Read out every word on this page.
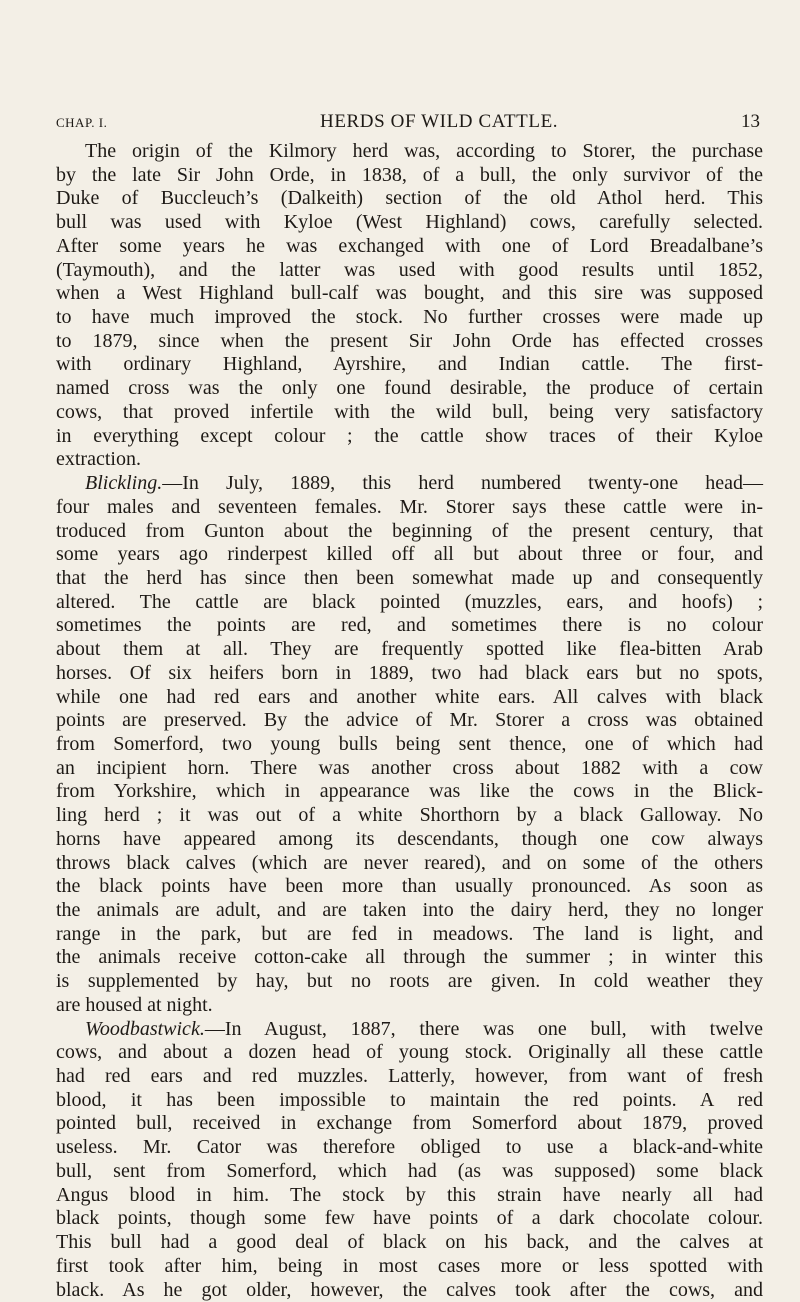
CHAP. I.	HERDS OF WILD CATTLE.	13
The origin of the Kilmory herd was, according to Storer, the purchase
by the late Sir John Orde, in 1838, of a bull, the only survivor of the
Duke of Buccleuch’s (Dalkeith) section of the old Athol herd. This
bull was used with Kyloe (West Highland) cows, carefully selected.
After some years he was exchanged with one of Lord Breadalbane’s
(Taymouth), and the latter was used with good results until 1852,
when a West Highland bull-calf was bought, and this sire was supposed
to have much improved the stock. No further crosses were made up
to 1879, since when the present Sir John Orde has effected crosses
with ordinary Highland, Ayrshire, and Indian cattle. The first-
named cross was the only one found desirable, the produce of certain
cows, that proved infertile with the wild bull, being very satisfactory
in everything except colour ; the cattle show traces of their Kyloe
extraction.
Blickling.—In July, 1889, this herd numbered twenty-one head—
four males and seventeen females. Mr. Storer says these cattle were in-
troduced from Gunton about the beginning of the present century, that
some years ago rinderpest killed off all but about three or four, and
that the herd has since then been somewhat made up and consequently
altered. The cattle are black pointed (muzzles, ears, and hoofs) ;
sometimes the points are red, and sometimes there is no colour
about them at all. They are frequently spotted like flea-bitten Arab
horses. Of six heifers born in 1889, two had black ears but no spots,
while one had red ears and another white ears. All calves with black
points are preserved. By the advice of Mr. Storer a cross was obtained
from Somerford, two young bulls being sent thence, one of which had
an incipient horn. There was another cross about 1882 with a cow
from Yorkshire, which in appearance was like the cows in the Blick-
ling herd ; it was out of a white Shorthorn by a black Galloway. No
horns have appeared among its descendants, though one cow always
throws black calves (which are never reared), and on some of the others
the black points have been more than usually pronounced. As soon as
the animals are adult, and are taken into the dairy herd, they no longer
range in the park, but are fed in meadows. The land is light, and
the animals receive cotton-cake all through the summer ; in winter this
is supplemented by hay, but no roots are given. In cold weather they
are housed at night.
Woodbastwick.—In August, 1887, there was one bull, with twelve
cows, and about a dozen head of young stock. Originally all these cattle
had red ears and red muzzles. Latterly, however, from want of fresh
blood, it has been impossible to maintain the red points. A red
pointed bull, received in exchange from Somerford about 1879, proved
useless. Mr. Cator was therefore obliged to use a black-and-white
bull, sent from Somerford, which had (as was supposed) some black
Angus blood in him. The stock by this strain have nearly all had
black points, though some few have points of a dark chocolate colour.
This bull had a good deal of black on his back, and the calves at
first took after him, being in most cases more or less spotted with
black. As he got older, however, the calves took after the cows, and
